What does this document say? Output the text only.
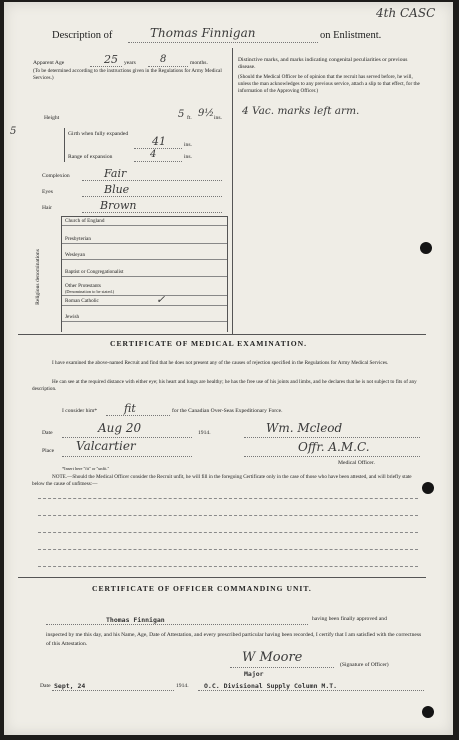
4th CASC
Description of	Thomas Finnigan	on Enlistment.
Apparent Age	25 years 8	months.
(To be determined according to the instructions given in the Regulations for Army Medical Services.)
5
Height	5 ft. 9½ ins.
Girth when fully expanded
41	ins.
Range of expansion	4	ins.
Complexion	Fair
Eyes	Blue
Hair	Brown
Religious denominations
Church of England
Presbyterian
Wesleyan
Baptist or Congregationalist
Other Protestants
(Denomination to be stated.)
Roman Catholic	✓
Jewish
Distinctive marks, and marks indicating congenital peculiarities or previous disease.
(Should the Medical Officer be of opinion that the recruit has served before, he will, unless the man acknowledges to any previous service, attach a slip to that effect, for the information of the Approving Officer.)
4 Vac. marks left arm.
CERTIFICATE OF MEDICAL EXAMINATION.
I have examined the above-named Recruit and find that he does not present any of the causes of rejection specified in the Regulations for Army Medical Services.
He can see at the required distance with either eye; his heart and lungs are healthy; he has the free use of his joints and limbs, and he declares that he is not subject to fits of any description.
I consider him* fit	for the Canadian Over-Seas Expeditionary Force.
Date	Aug 20	1914.	Wm. Mcleod
Place Valcartier	Offr. A.M.C.
Medical Officer.
*Insert here "fit" or "unfit."
NOTE.—Should the Medical Officer consider the Recruit unfit, he will fill in the foregoing Certificate only in the case of those who have been attested, and will briefly state below the cause of unfitness:—
CERTIFICATE OF OFFICER COMMANDING UNIT.
Thomas Finnigan	having been finally approved and
inspected by me this day, and his Name, Age, Date of Attestation, and every prescribed particular having been recorded, I certify that I am satisfied with the correctness of this Attestation.
W Moore	(Signature of Officer)
Major
Date Sept, 24	1914. O.C. Divisional Supply Column M.T.
